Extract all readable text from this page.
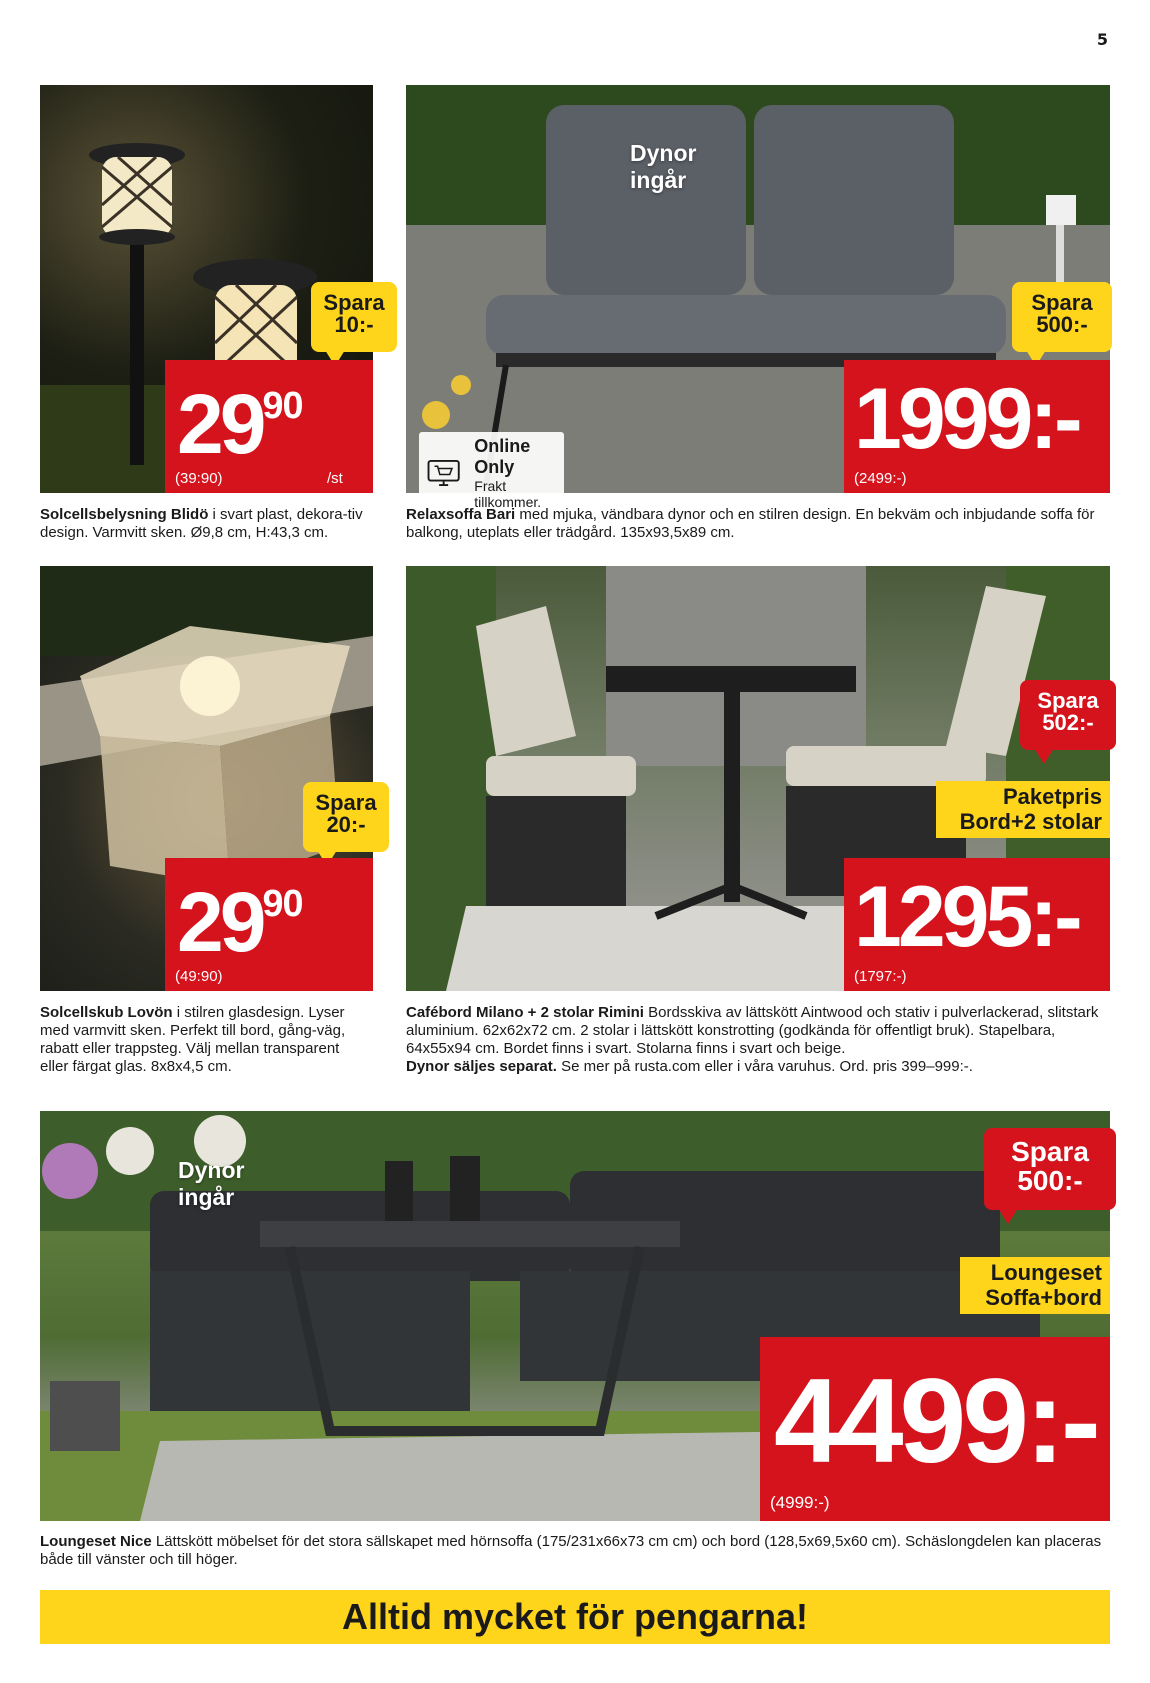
5
Spara
10:-
$29^{90}$
(39:90)	/st
Solcellsbelysning Blidö i svart plast, dekora-tiv design. Varmvitt sken. Ø9,8 cm, H:43,3 cm.
Dynor ingår
Online Only
Frakt tillkommer.
Spara
500:-
1999:-
(2499:-)
Relaxsoffa Bari med mjuka, vändbara dynor och en stilren design. En bekväm och inbjudande soffa för balkong, uteplats eller trädgård. 135x93,5x89 cm.
Spara
20:-
$29^{90}$
(49:90)
Solcellskub Lovön i stilren glasdesign. Lyser med varmvitt sken. Perfekt till bord, gång-väg, rabatt eller trappsteg. Välj mellan transparent eller färgat glas. 8x8x4,5 cm.
Spara
502:-
Paketpris
Bord+2 stolar
1295:-
(1797:-)
Cafébord Milano + 2 stolar Rimini Bordsskiva av lättskött Aintwood och stativ i pulverlackerad, slitstark aluminium. 62x62x72 cm. 2 stolar i lättskött konstrotting (godkända för offentligt bruk). Stapelbara, 64x55x94 cm. Bordet finns i svart. Stolarna finns i svart och beige.
Dynor säljes separat. Se mer på rusta.com eller i våra varuhus. Ord. pris 399–999:-.
Dynor ingår
Spara
500:-
Loungeset
Soffa+bord
4499:-
(4999:-)
Loungeset Nice Lättskött möbelset för det stora sällskapet med hörnsoffa (175/231x66x73 cm cm) och bord (128,5x69,5x60 cm). Schäslongdelen kan placeras både till vänster och till höger.
Alltid mycket för pengarna!
